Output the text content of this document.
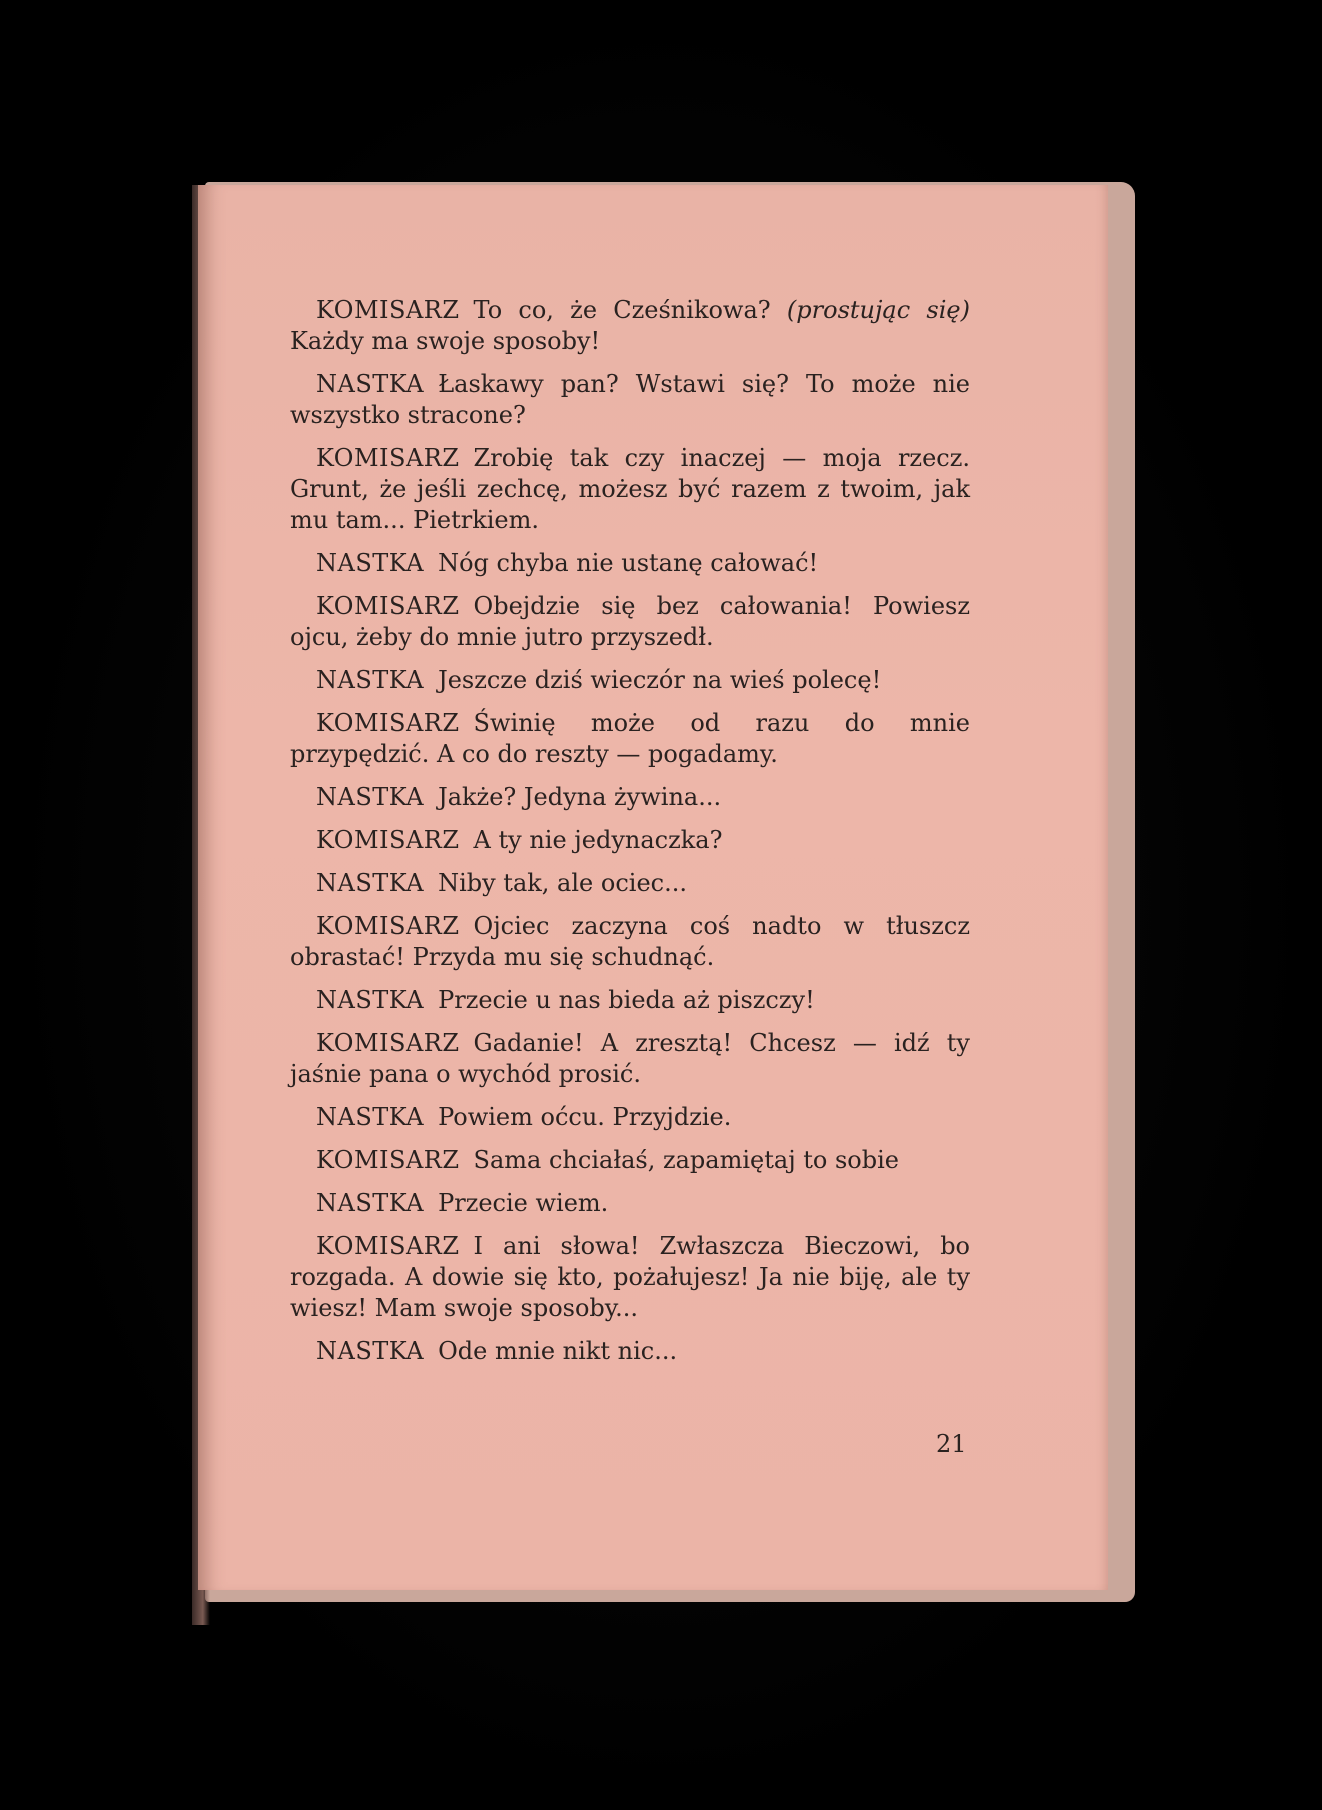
KOMISARZ To co, że Cześnikowa? (prostując się) Każdy ma swoje sposoby!

NASTKA Łaskawy pan? Wstawi się? To może nie wszystko stracone?

KOMISARZ Zrobię tak czy inaczej — moja rzecz. Grunt, że jeśli zechcę, możesz być razem z twoim, jak mu tam... Pietrkiem.

NASTKA Nóg chyba nie ustanę całować!

KOMISARZ Obejdzie się bez całowania! Powiesz ojcu, żeby do mnie jutro przyszedł.

NASTKA Jeszcze dziś wieczór na wieś polecę!

KOMISARZ Świnię może od razu do mnie przypędzić. A co do reszty — pogadamy.

NASTKA Jakże? Jedyna żywina...

KOMISARZ A ty nie jedynaczka?

NASTKA Niby tak, ale ociec...

KOMISARZ Ojciec zaczyna coś nadto w tłuszcz obrastać! Przyda mu się schudnąć.

NASTKA Przecie u nas bieda aż piszczy!

KOMISARZ Gadanie! A zresztą! Chcesz — idź ty jaśnie pana o wychód prosić.

NASTKA Powiem oćcu. Przyjdzie.

KOMISARZ Sama chciałaś, zapamiętaj to sobie

NASTKA Przecie wiem.

KOMISARZ I ani słowa! Zwłaszcza Bieczowi, bo rozgada. A dowie się kto, pożałujesz! Ja nie biję, ale ty wiesz! Mam swoje sposoby...

NASTKA Ode mnie nikt nic...

21
